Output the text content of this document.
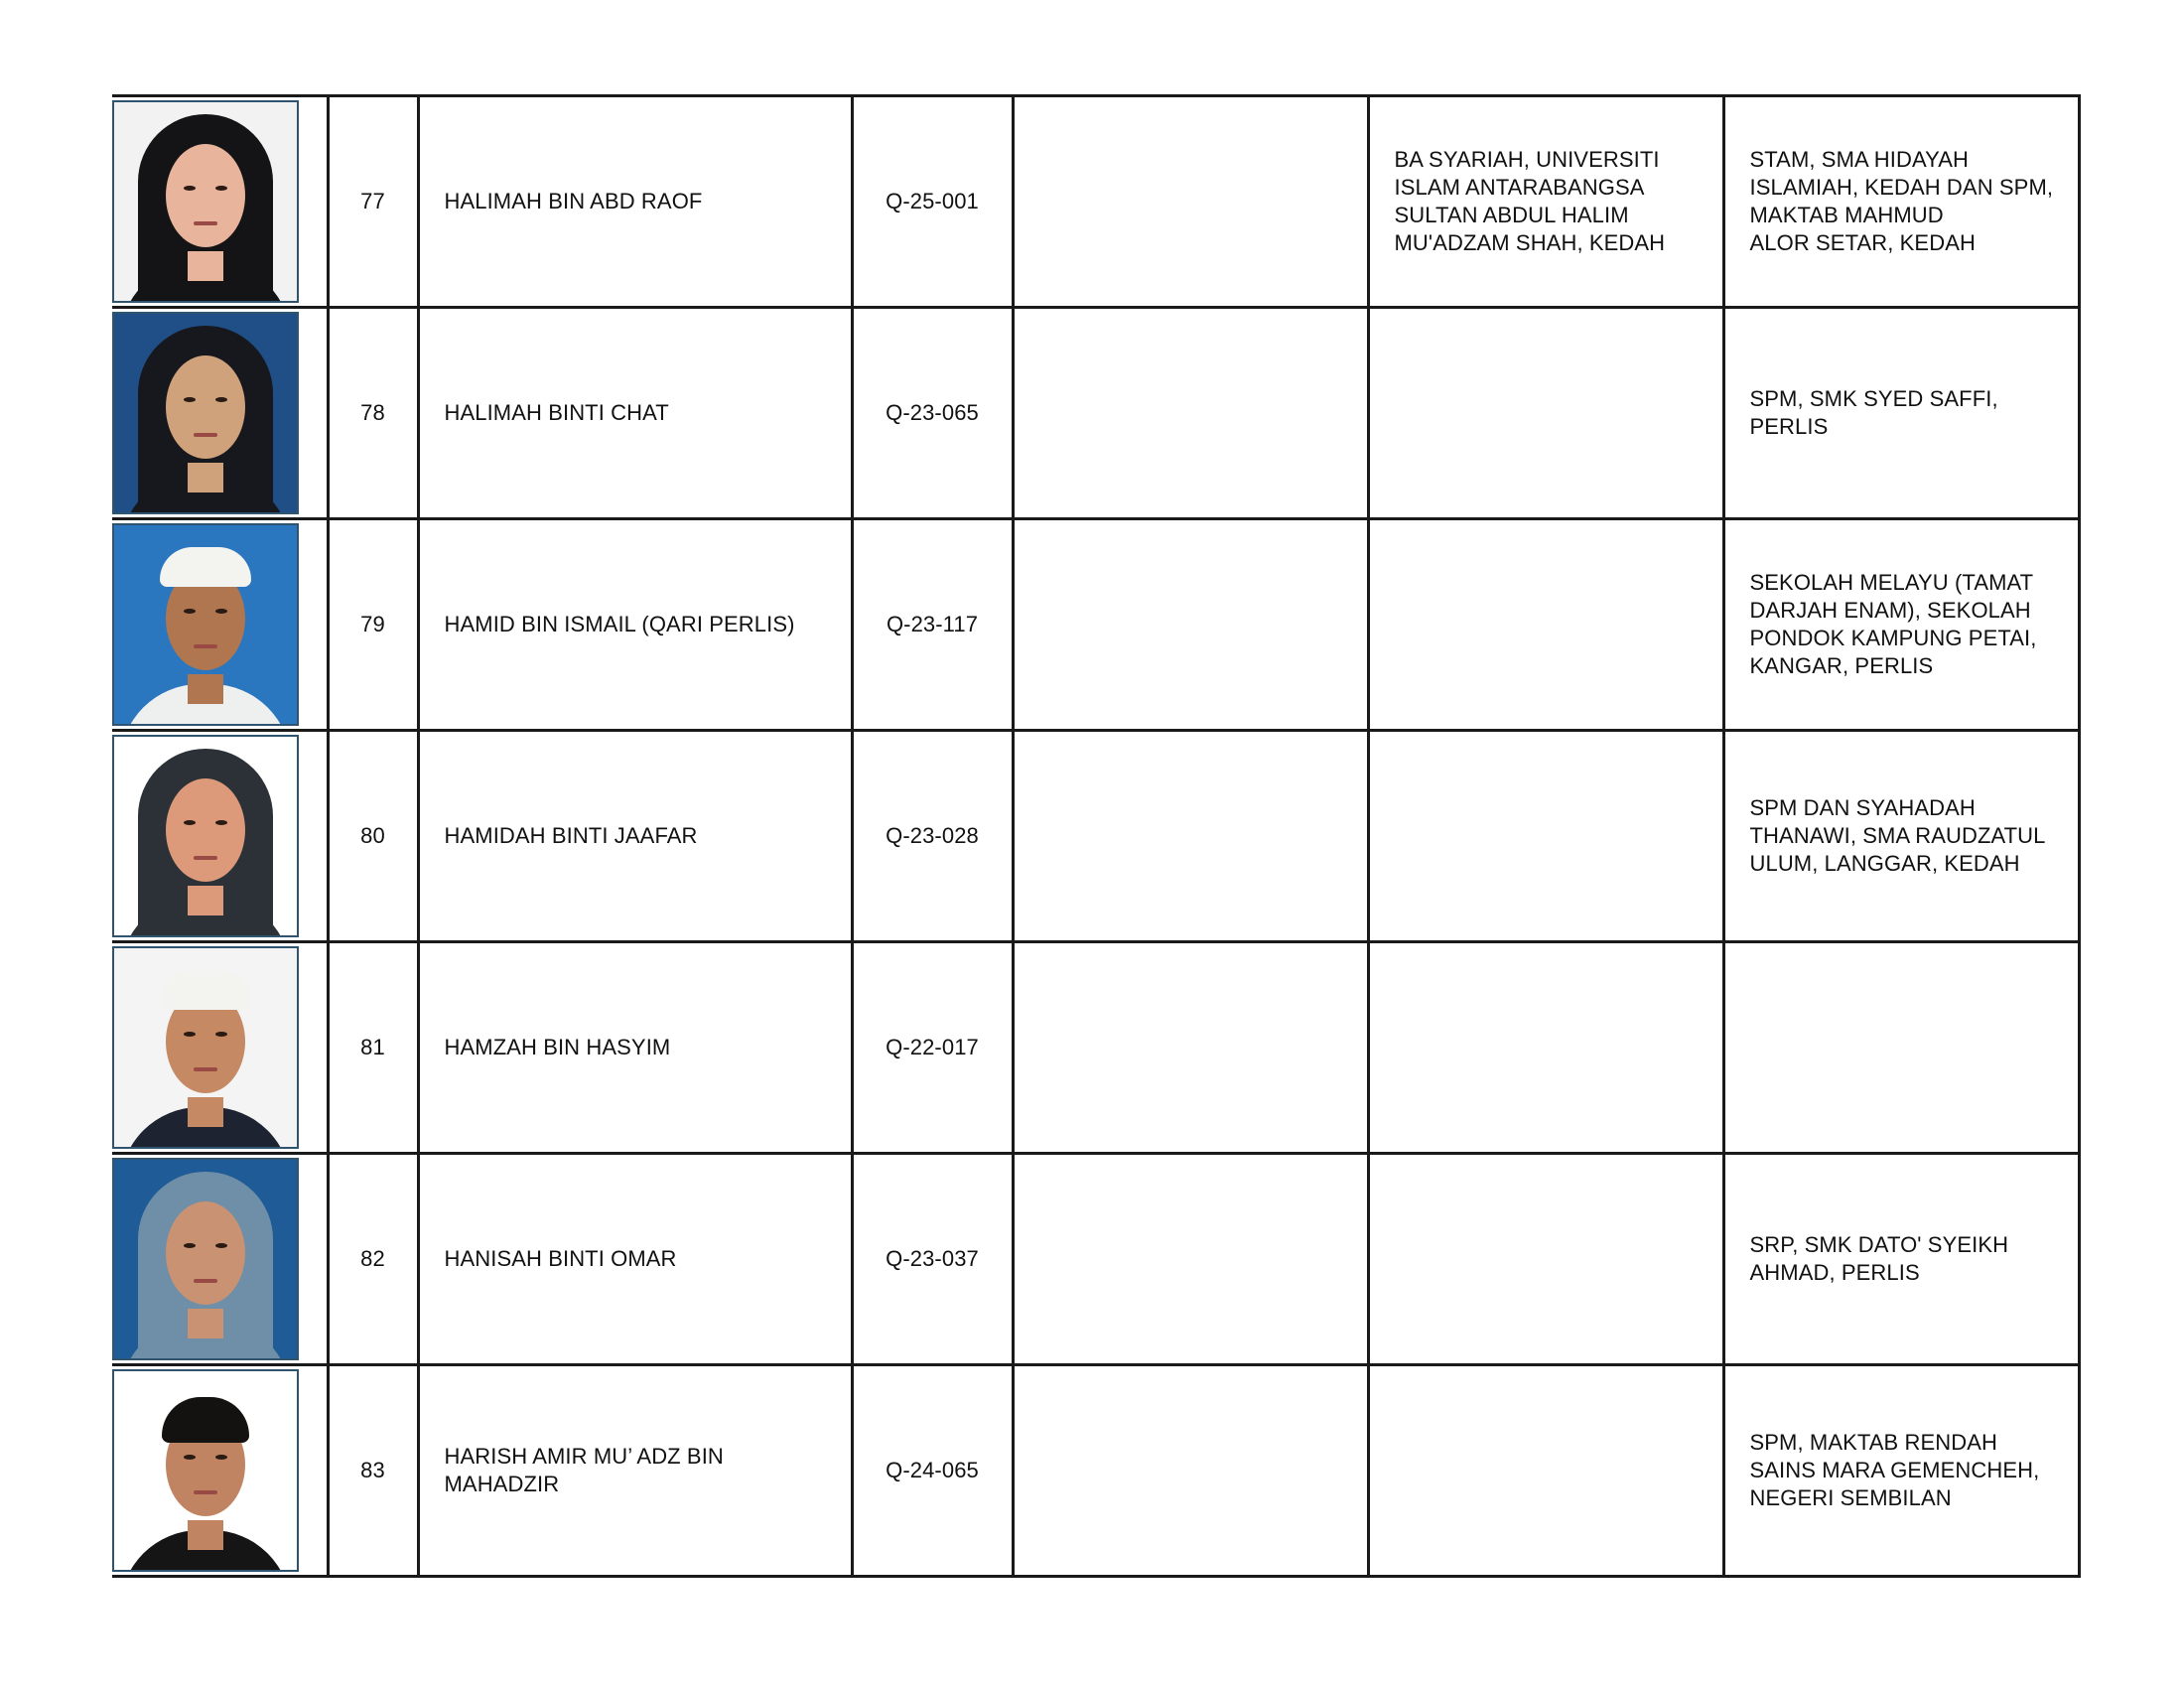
	77	HALIMAH BIN ABD RAOF	Q-25-001		BA SYARIAH, UNIVERSITI
ISLAM ANTARABANGSA
SULTAN ABDUL HALIM
MU'ADZAM SHAH, KEDAH	STAM, SMA HIDAYAH
ISLAMIAH, KEDAH DAN SPM,
MAKTAB MAHMUD
ALOR SETAR, KEDAH

	78	HALIMAH BINTI CHAT	Q-23-065			SPM, SMK SYED SAFFI,
PERLIS

	79	HAMID BIN ISMAIL (QARI PERLIS)	Q-23-117			SEKOLAH MELAYU (TAMAT
DARJAH ENAM), SEKOLAH
PONDOK KAMPUNG PETAI,
KANGAR, PERLIS

	80	HAMIDAH BINTI JAAFAR	Q-23-028			SPM DAN SYAHADAH
THANAWI, SMA RAUDZATUL
ULUM, LANGGAR, KEDAH

	81	HAMZAH BIN HASYIM	Q-22-017			

	82	HANISAH BINTI OMAR	Q-23-037			SRP, SMK DATO' SYEIKH
AHMAD, PERLIS

	83	HARISH AMIR MU’ ADZ BIN
MAHADZIR	Q-24-065			SPM, MAKTAB RENDAH
SAINS MARA GEMENCHEH,
NEGERI SEMBILAN
